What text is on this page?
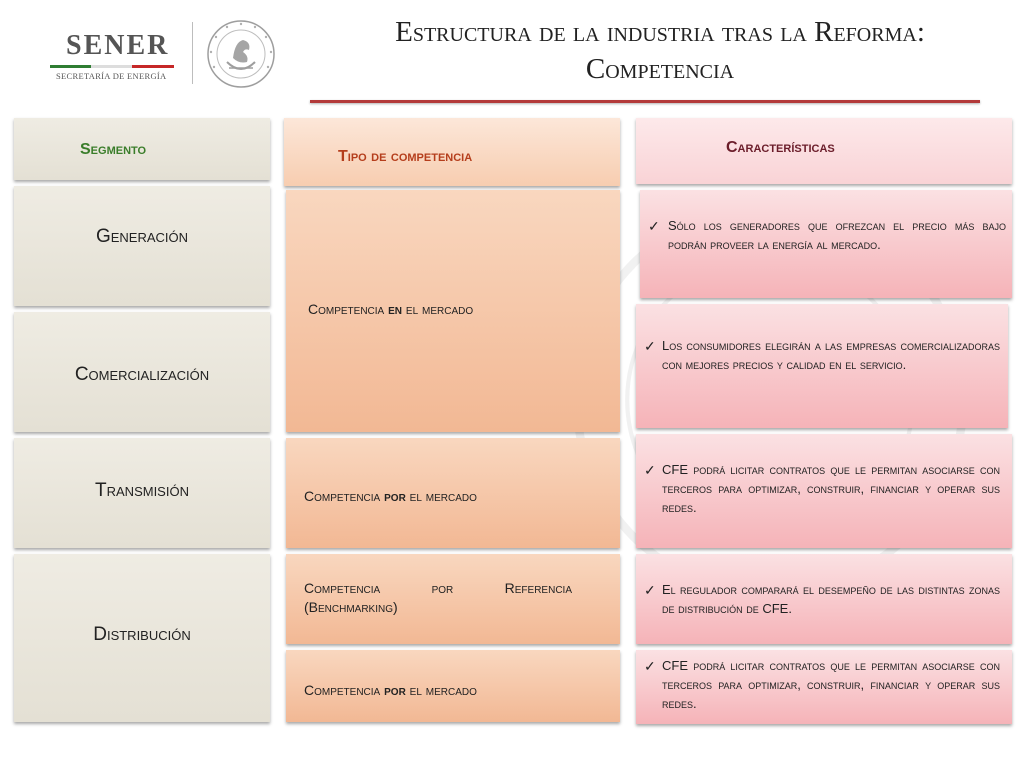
SENER
SECRETARÍA DE ENERGÍA
Estructura de la industria tras la Reforma:
Competencia
Segmento
Generación
Comercialización
Transmisión
Distribución
Tipo de competencia
Competencia en el mercado
Competencia por el mercado
Competencia por Referencia (Benchmarking)
Competencia por el mercado
Características
✓ Sólo los generadores que ofrezcan el precio más bajo podrán proveer la energía al mercado.
✓ Los consumidores elegirán a las empresas comercializadoras con mejores precios y calidad en el servicio.
✓ CFE podrá licitar contratos que le permitan asociarse con terceros para optimizar, construir, financiar y operar sus redes.
✓ El regulador comparará el desempeño de las distintas zonas de distribución de CFE.
✓ CFE podrá licitar contratos que le permitan asociarse con terceros para optimizar, construir, financiar y operar sus redes.
